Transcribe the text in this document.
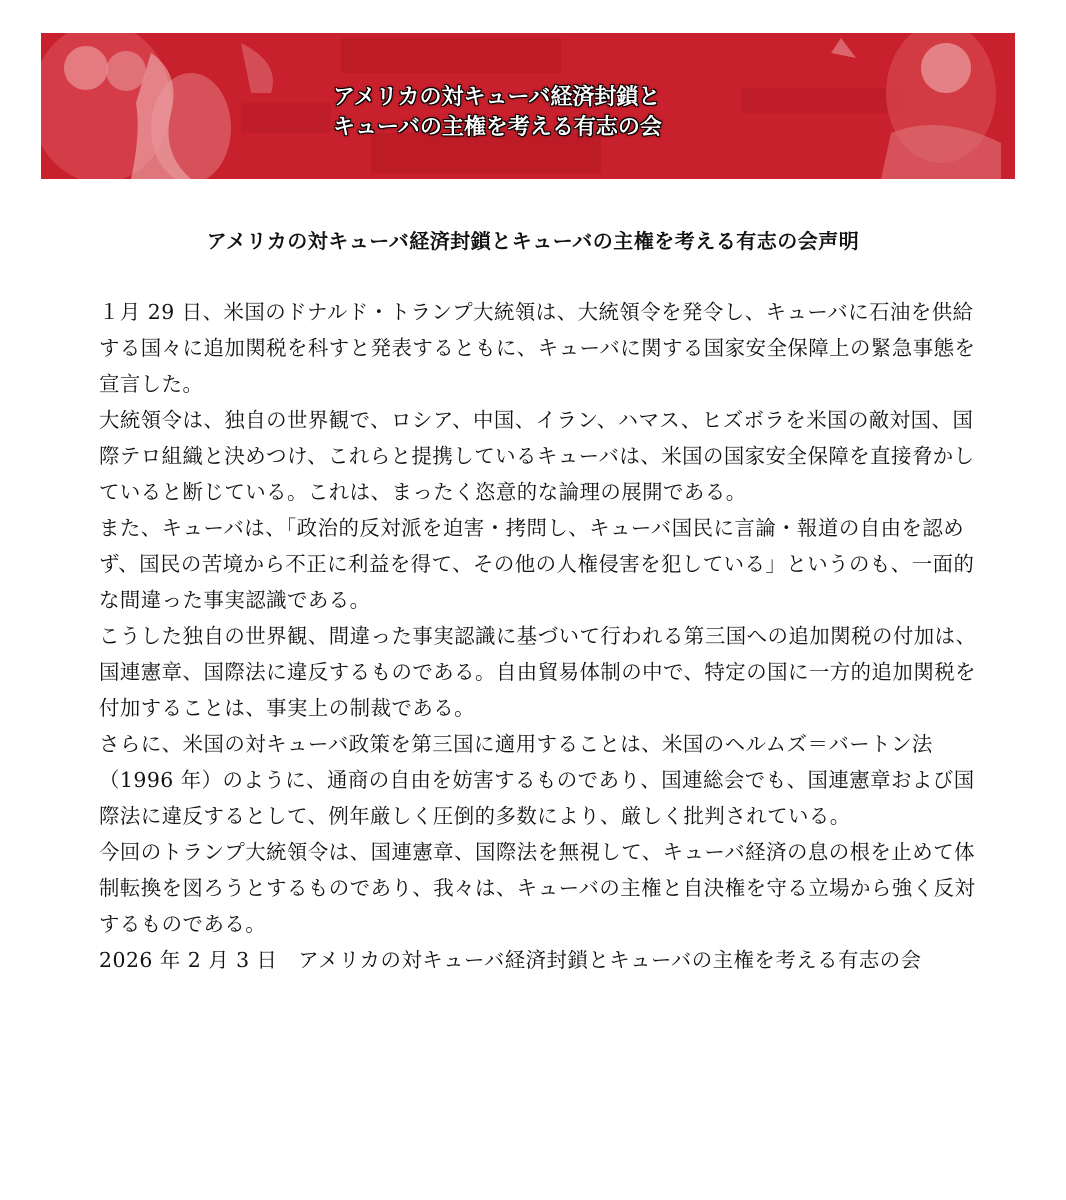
アメリカの対キューバ経済封鎖と
キューバの主権を考える有志の会
アメリカの対キューバ経済封鎖とキューバの主権を考える有志の会声明

１月 29 日、米国のドナルド・トランプ大統領は、大統領令を発令し、キューバに石油を供給する国々に追加関税を科すと発表するともに、キューバに関する国家安全保障上の緊急事態を宣言した。

大統領令は、独自の世界観で、ロシア、中国、イラン、ハマス、ヒズボラを米国の敵対国、国際テロ組織と決めつけ、これらと提携しているキューバは、米国の国家安全保障を直接脅かしていると断じている。これは、まったく恣意的な論理の展開である。

また、キューバは、「政治的反対派を迫害・拷問し、キューバ国民に言論・報道の自由を認めず、国民の苦境から不正に利益を得て、その他の人権侵害を犯している」というのも、一面的な間違った事実認識である。

こうした独自の世界観、間違った事実認識に基づいて行われる第三国への追加関税の付加は、国連憲章、国際法に違反するものである。自由貿易体制の中で、特定の国に一方的追加関税を付加することは、事実上の制裁である。

さらに、米国の対キューバ政策を第三国に適用することは、米国のヘルムズ＝バートン法（1996 年）のように、通商の自由を妨害するものであり、国連総会でも、国連憲章および国際法に違反するとして、例年厳しく圧倒的多数により、厳しく批判されている。

今回のトランプ大統領令は、国連憲章、国際法を無視して、キューバ経済の息の根を止めて体制転換を図ろうとするものであり、我々は、キューバの主権と自決権を守る立場から強く反対するものである。

2026 年 2 月 3 日　アメリカの対キューバ経済封鎖とキューバの主権を考える有志の会
